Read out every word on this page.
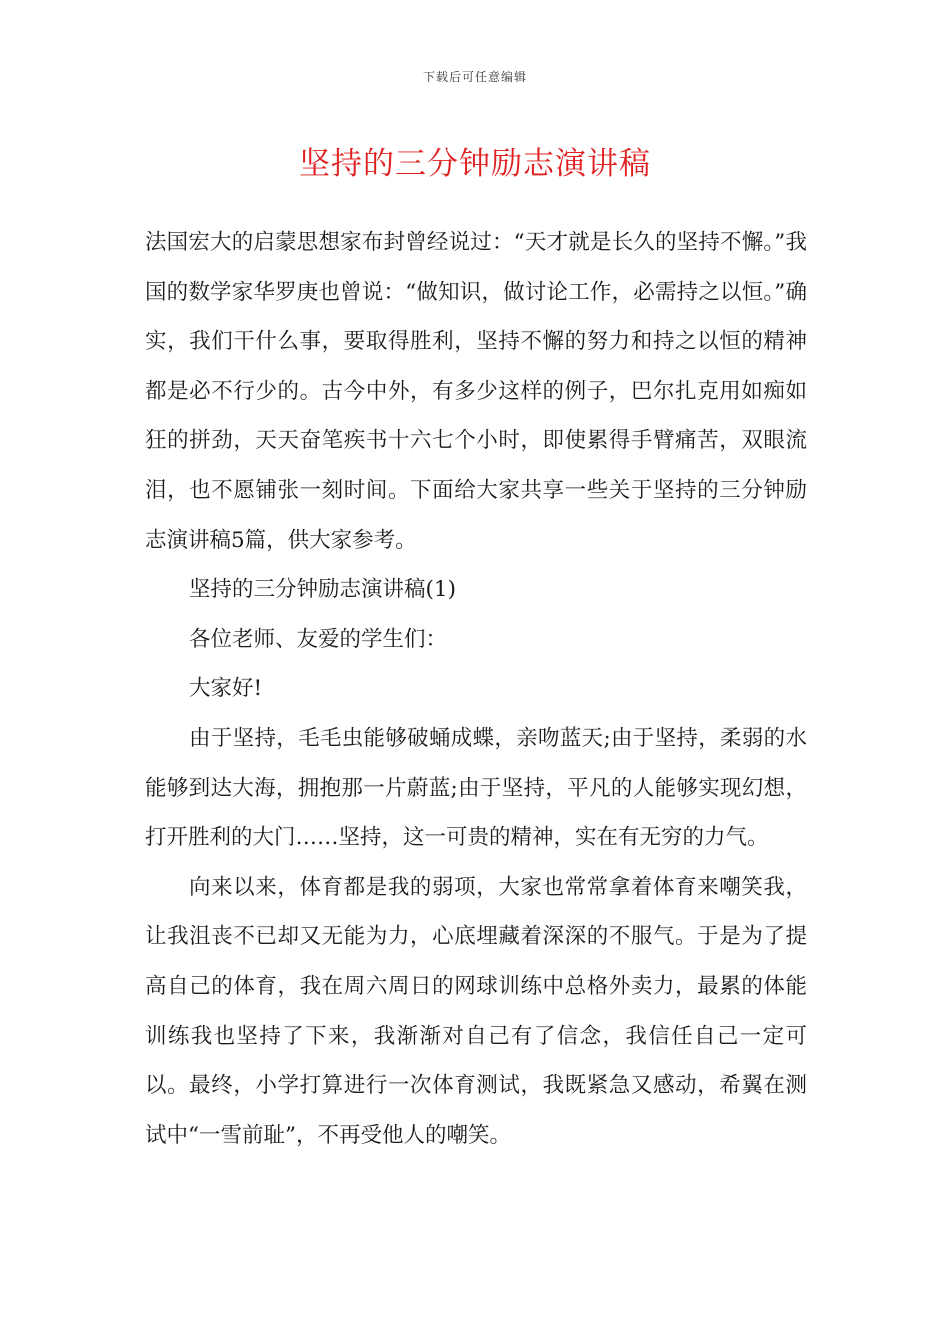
下载后可任意编辑
坚持的三分钟励志演讲稿

法国宏大的启蒙思想家布封曾经说过：“天才就是长久的坚持不懈。”我国的数学家华罗庚也曾说：“做知识，做讨论工作，必需持之以恒。”确实，我们干什么事，要取得胜利，坚持不懈的努力和持之以恒的精神都是必不行少的。古今中外，有多少这样的例子，巴尔扎克用如痴如狂的拼劲，天天奋笔疾书十六七个小时，即使累得手臂痛苦，双眼流泪，也不愿铺张一刻时间。下面给大家共享一些关于坚持的三分钟励志演讲稿5篇，供大家参考。

坚持的三分钟励志演讲稿(1)

各位老师、友爱的学生们：

大家好!

由于坚持，毛毛虫能够破蛹成蝶，亲吻蓝天;由于坚持，柔弱的水能够到达大海，拥抱那一片蔚蓝;由于坚持，平凡的人能够实现幻想，打开胜利的大门……坚持，这一可贵的精神，实在有无穷的力气。

向来以来，体育都是我的弱项，大家也常常拿着体育来嘲笑我，让我沮丧不已却又无能为力，心底埋藏着深深的不服气。于是为了提高自己的体育，我在周六周日的网球训练中总格外卖力，最累的体能训练我也坚持了下来，我渐渐对自己有了信念，我信任自己一定可以。最终，小学打算进行一次体育测试，我既紧急又感动，希翼在测试中“一雪前耻”，不再受他人的嘲笑。
